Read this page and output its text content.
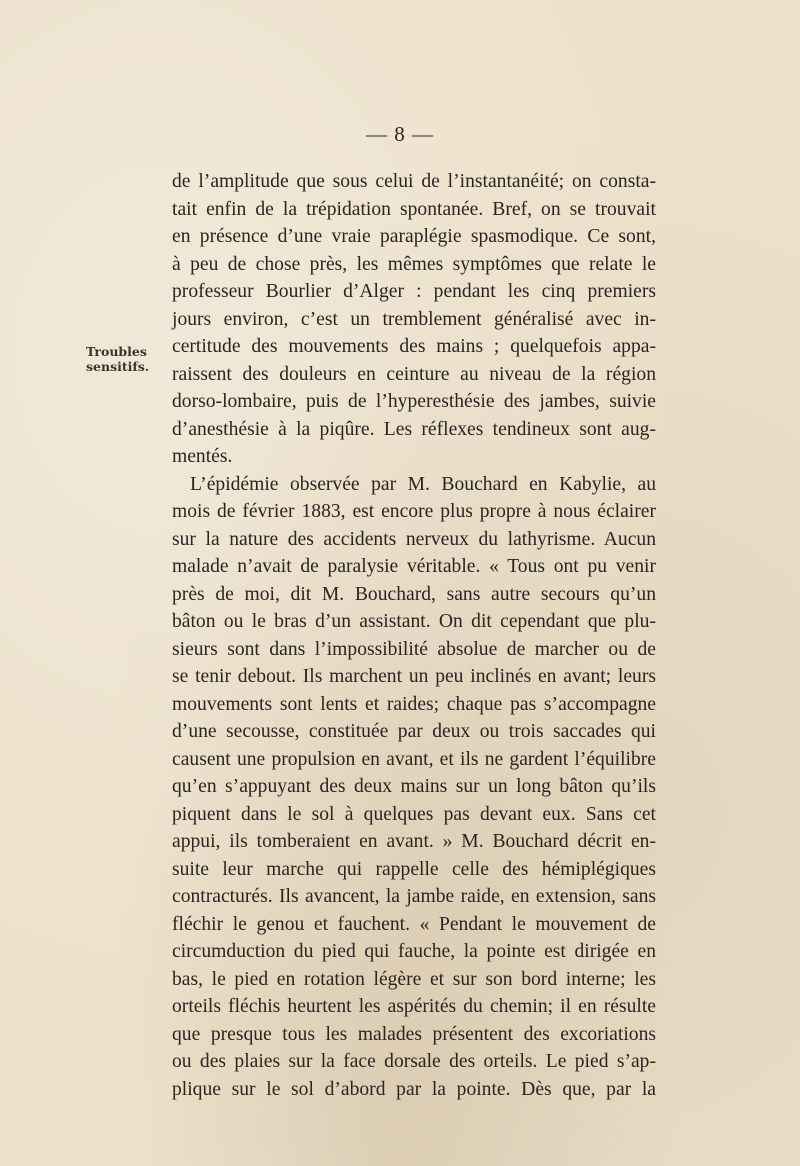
— 8 —
Troubles sensitifs.
de l’amplitude que sous celui de l’instantanéité; on consta-
tait enfin de la trépidation spontanée. Bref, on se trouvait
en présence d’une vraie paraplégie spasmodique. Ce sont,
à peu de chose près, les mêmes symptômes que relate le
professeur Bourlier d’Alger : pendant les cinq premiers
jours environ, c’est un tremblement généralisé avec in-
certitude des mouvements des mains ; quelquefois appa-
raissent des douleurs en ceinture au niveau de la région
dorso-lombaire, puis de l’hyperesthésie des jambes, suivie
d’anesthésie à la piqûre. Les réflexes tendineux sont aug-
mentés.
L’épidémie observée par M. Bouchard en Kabylie, au
mois de février 1883, est encore plus propre à nous éclairer
sur la nature des accidents nerveux du lathyrisme. Aucun
malade n’avait de paralysie véritable. « Tous ont pu venir
près de moi, dit M. Bouchard, sans autre secours qu’un
bâton ou le bras d’un assistant. On dit cependant que plu-
sieurs sont dans l’impossibilité absolue de marcher ou de
se tenir debout. Ils marchent un peu inclinés en avant; leurs
mouvements sont lents et raides; chaque pas s’accompagne
d’une secousse, constituée par deux ou trois saccades qui
causent une propulsion en avant, et ils ne gardent l’équilibre
qu’en s’appuyant des deux mains sur un long bâton qu’ils
piquent dans le sol à quelques pas devant eux. Sans cet
appui, ils tomberaient en avant. » M. Bouchard décrit en-
suite leur marche qui rappelle celle des hémiplégiques
contracturés. Ils avancent, la jambe raide, en extension, sans
fléchir le genou et fauchent. « Pendant le mouvement de
circumduction du pied qui fauche, la pointe est dirigée en
bas, le pied en rotation légère et sur son bord interne; les
orteils fléchis heurtent les aspérités du chemin; il en résulte
que presque tous les malades présentent des excoriations
ou des plaies sur la face dorsale des orteils. Le pied s’ap-
plique sur le sol d’abord par la pointe. Dès que, par la
